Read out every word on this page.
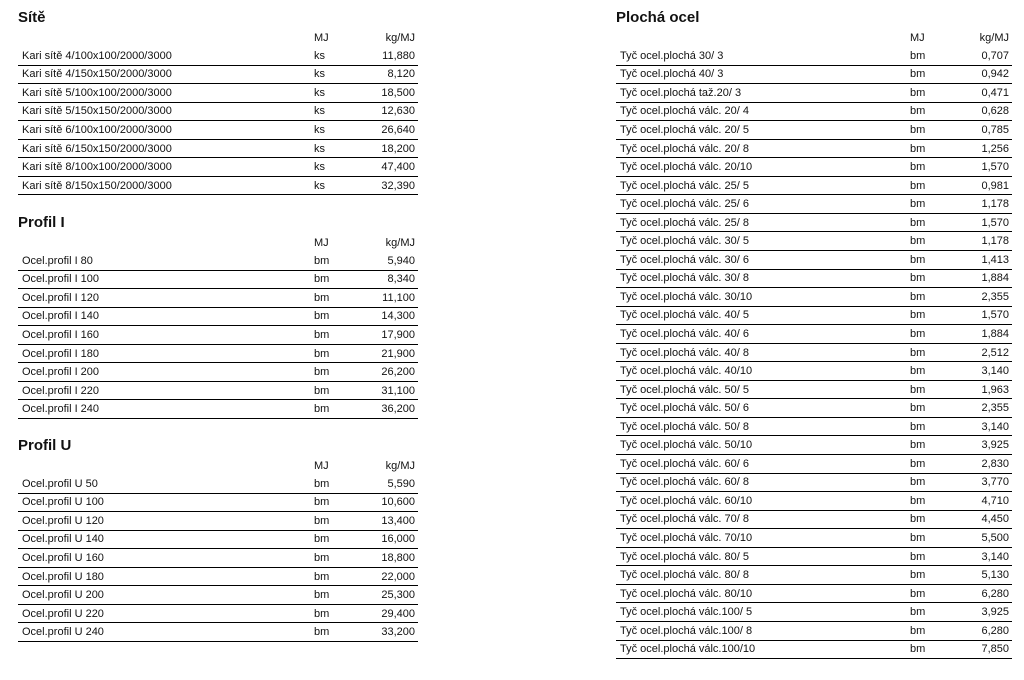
Sítě
MJ	kg/MJ
Kari sítě 4/100x100/2000/3000	ks	11,880
Kari sítě 4/150x150/2000/3000	ks	8,120
Kari sítě 5/100x100/2000/3000	ks	18,500
Kari sítě 5/150x150/2000/3000	ks	12,630
Kari sítě 6/100x100/2000/3000	ks	26,640
Kari sítě 6/150x150/2000/3000	ks	18,200
Kari sítě 8/100x100/2000/3000	ks	47,400
Kari sítě 8/150x150/2000/3000	ks	32,390
Profil I
MJ	kg/MJ
Ocel.profil I 80	bm	5,940
Ocel.profil I 100	bm	8,340
Ocel.profil I 120	bm	11,100
Ocel.profil I 140	bm	14,300
Ocel.profil I 160	bm	17,900
Ocel.profil I 180	bm	21,900
Ocel.profil I 200	bm	26,200
Ocel.profil I 220	bm	31,100
Ocel.profil I 240	bm	36,200
Profil U
MJ	kg/MJ
Ocel.profil U 50	bm	5,590
Ocel.profil U 100	bm	10,600
Ocel.profil U 120	bm	13,400
Ocel.profil U 140	bm	16,000
Ocel.profil U 160	bm	18,800
Ocel.profil U 180	bm	22,000
Ocel.profil U 200	bm	25,300
Ocel.profil U 220	bm	29,400
Ocel.profil U 240	bm	33,200
Plochá ocel
MJ	kg/MJ
Tyč ocel.plochá 30/ 3	bm	0,707
Tyč ocel.plochá 40/ 3	bm	0,942
Tyč ocel.plochá taž.20/ 3	bm	0,471
Tyč ocel.plochá válc. 20/ 4	bm	0,628
Tyč ocel.plochá válc. 20/ 5	bm	0,785
Tyč ocel.plochá válc. 20/ 8	bm	1,256
Tyč ocel.plochá válc. 20/10	bm	1,570
Tyč ocel.plochá válc. 25/ 5	bm	0,981
Tyč ocel.plochá válc. 25/ 6	bm	1,178
Tyč ocel.plochá válc. 25/ 8	bm	1,570
Tyč ocel.plochá válc. 30/ 5	bm	1,178
Tyč ocel.plochá válc. 30/ 6	bm	1,413
Tyč ocel.plochá válc. 30/ 8	bm	1,884
Tyč ocel.plochá válc. 30/10	bm	2,355
Tyč ocel.plochá válc. 40/ 5	bm	1,570
Tyč ocel.plochá válc. 40/ 6	bm	1,884
Tyč ocel.plochá válc. 40/ 8	bm	2,512
Tyč ocel.plochá válc. 40/10	bm	3,140
Tyč ocel.plochá válc. 50/ 5	bm	1,963
Tyč ocel.plochá válc. 50/ 6	bm	2,355
Tyč ocel.plochá válc. 50/ 8	bm	3,140
Tyč ocel.plochá válc. 50/10	bm	3,925
Tyč ocel.plochá válc. 60/ 6	bm	2,830
Tyč ocel.plochá válc. 60/ 8	bm	3,770
Tyč ocel.plochá válc. 60/10	bm	4,710
Tyč ocel.plochá válc. 70/ 8	bm	4,450
Tyč ocel.plochá válc. 70/10	bm	5,500
Tyč ocel.plochá válc. 80/ 5	bm	3,140
Tyč ocel.plochá válc. 80/ 8	bm	5,130
Tyč ocel.plochá válc. 80/10	bm	6,280
Tyč ocel.plochá válc.100/ 5	bm	3,925
Tyč ocel.plochá válc.100/ 8	bm	6,280
Tyč ocel.plochá válc.100/10	bm	7,850
